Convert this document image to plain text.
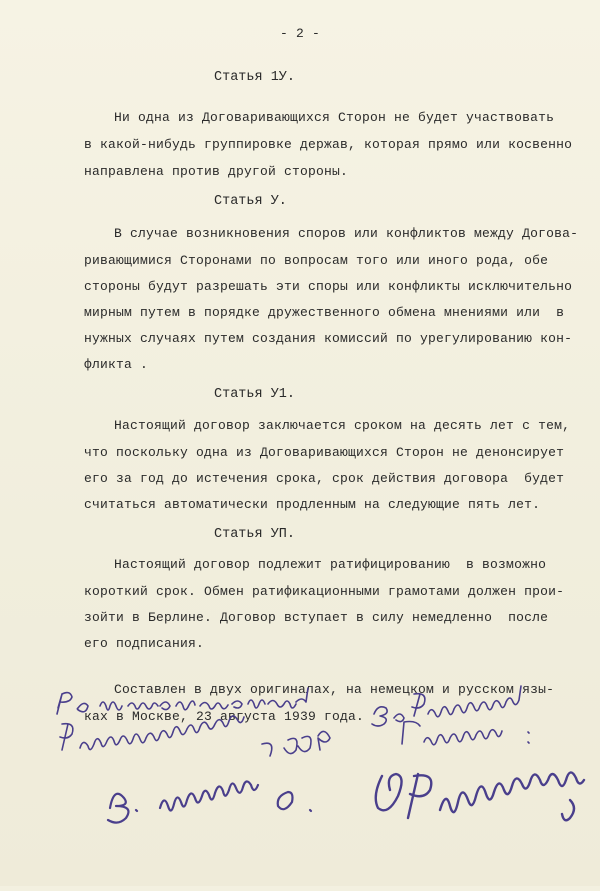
- 2 -
Статья 1У.
Ни одна из Договаривающихся Сторон не будет участвовать
в какой-нибудь группировке держав, которая прямо или косвенно
направлена против другой стороны.
Статья У.
В случае возникновения споров или конфликтов между Догова-
ривающимися Сторонами по вопросам того или иного рода, обе
стороны будут разрешать эти споры или конфликты исключительно
мирным путем в порядке дружественного обмена мнениями или  в
нужных случаях путем создания комиссий по урегулированию кон-
фликта .
Статья У1.
Настоящий договор заключается сроком на десять лет с тем,
что поскольку одна из Договаривающихся Сторон не денонсирует
его за год до истечения срока, срок действия договора  будет
считаться автоматически продленным на следующие пять лет.
Статья УП.
Настоящий договор подлежит ратифицированию  в возможно
короткий срок. Обмен ратификационными грамотами должен прои-
зойти в Берлине. Договор вступает в силу немедленно  после
его подписания.
Составлен в двух оригиналах, на немецком и русском язы-
ках в Москве, 23 августа 1939 года.
